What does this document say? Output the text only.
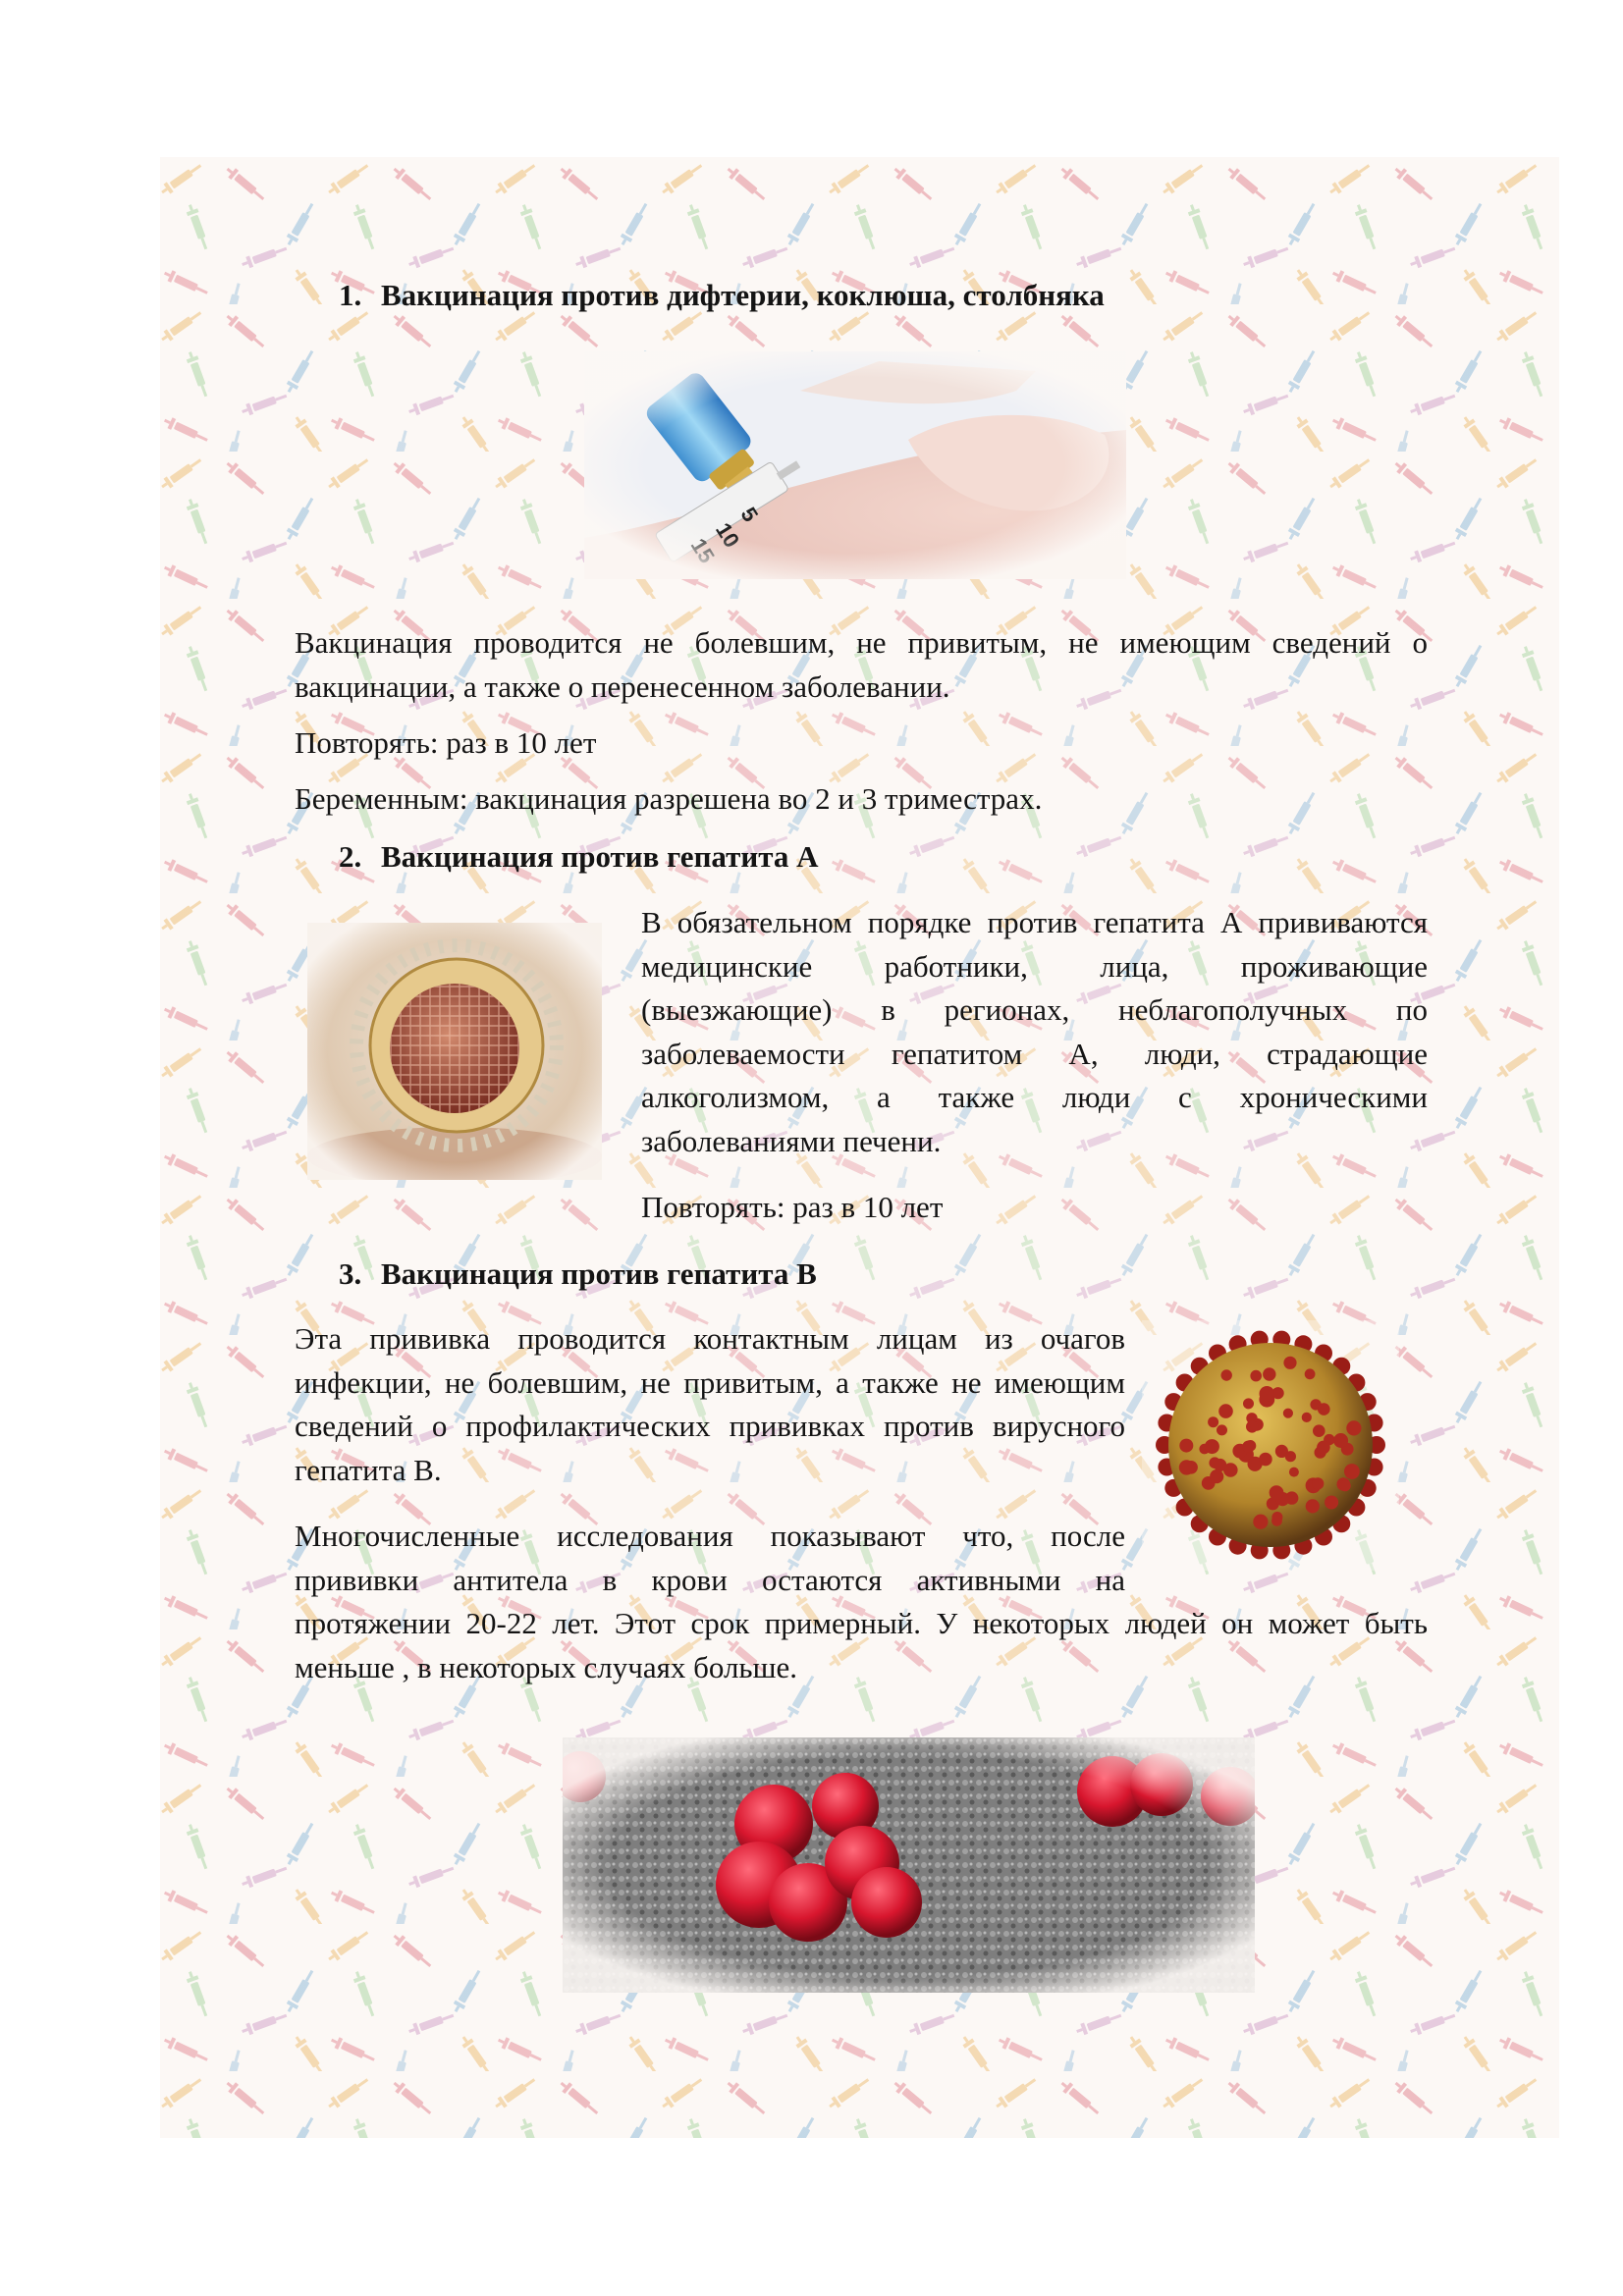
1. Вакцинация против дифтерии, коклюша, столбняка

Вакцинация проводится не болевшим, не привитым, не имеющим сведений о вакцинации, а также о перенесенном заболевании.

Повторять: раз в 10 лет

Беременным: вакцинация разрешена во 2 и 3 триместрах.

2. Вакцинация против гепатита А

В обязательном порядке против гепатита А прививаются медицинские работники, лица, проживающие (выезжающие) в регионах, неблагополучных по заболеваемости гепатитом А, люди, страдающие алкоголизмом, а также люди с хроническими заболеваниями печени.

Повторять: раз в 10 лет

3. Вакцинация против гепатита В

Эта прививка проводится контактным лицам из очагов инфекции, не болевшим, не привитым, а также не имеющим сведений о профилактических прививках против вирусного гепатита В.

Многочисленные исследования показывают что, после прививки антитела в крови остаются активными на

протяжении 20-22 лет. Этот срок примерный. У некоторых людей он может быть меньше , в некоторых случаях больше.
